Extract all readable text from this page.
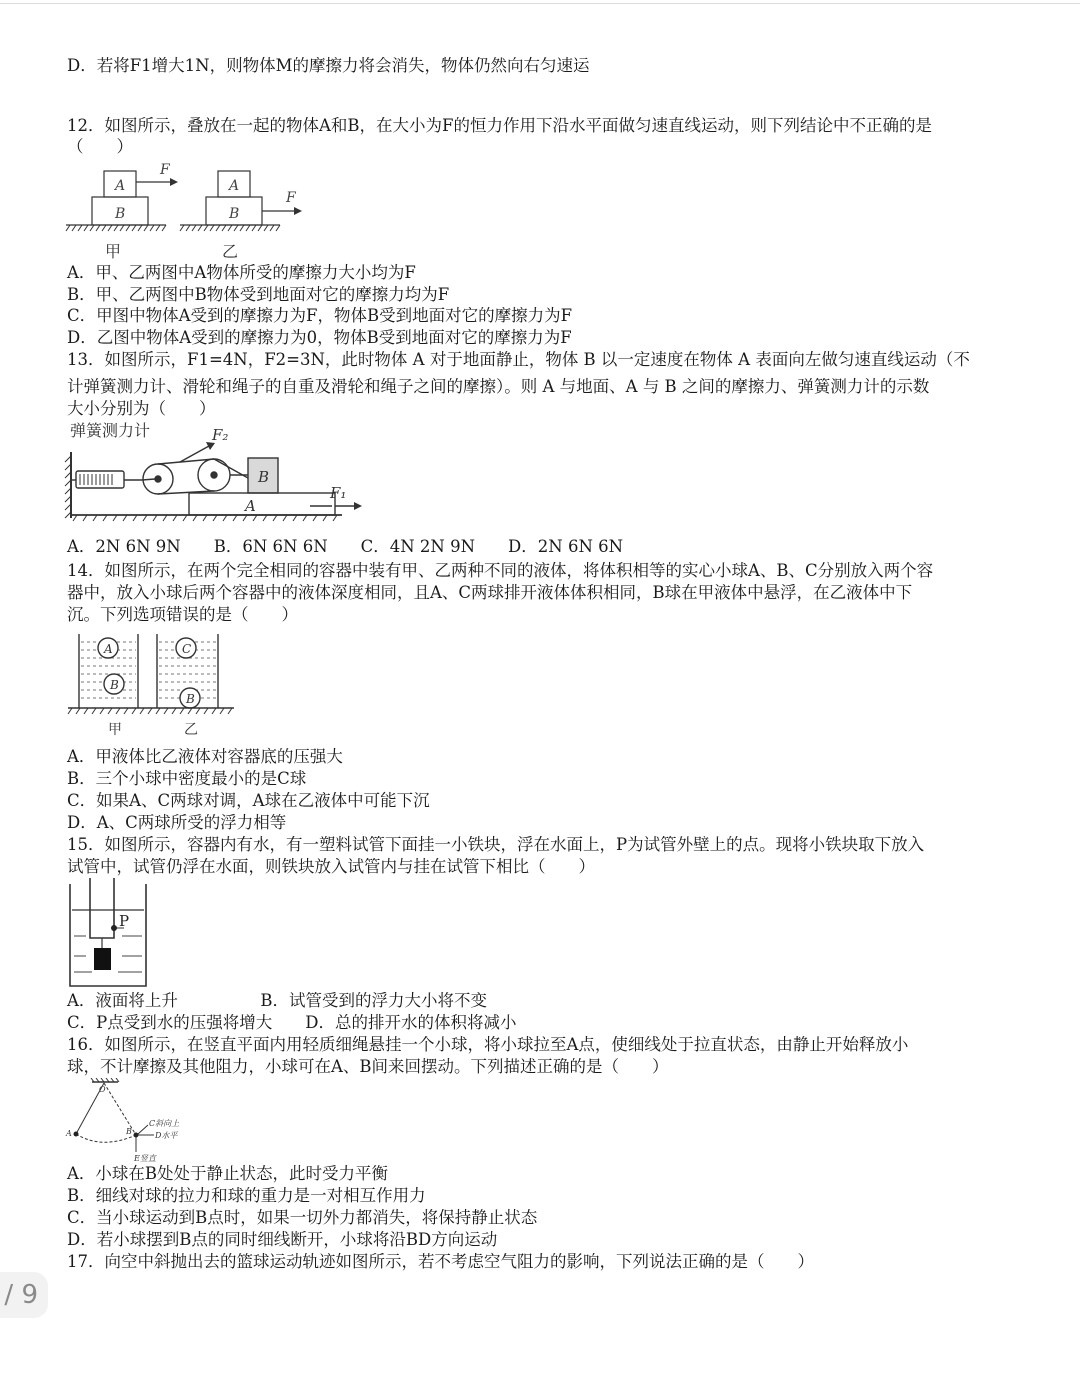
D．若将F1增大1N，则物体M的摩擦力将会消失，物体仍然向右匀速运
12．如图所示，叠放在一起的物体A和B，在大小为F的恒力作用下沿水平面做匀速直线运动，则下列结论中不正确的是
（　　）
A
B
F
A
B
F
甲	乙
A．甲、乙两图中A物体所受的摩擦力大小均为F
B．甲、乙两图中B物体受到地面对它的摩擦力均为F
C．甲图中物体A受到的摩擦力为F，物体B受到地面对它的摩擦力为F
D．乙图中物体A受到的摩擦力为0，物体B受到地面对它的摩擦力为F
13．如图所示，F1=4N，F2=3N，此时物体 A 对于地面静止，物体 B 以一定速度在物体 A 表面向左做匀速直线运动（不
计弹簧测力计、滑轮和绳子的自重及滑轮和绳子之间的摩擦）。则 A 与地面、A 与 B 之间的摩擦力、弹簧测力计的示数
大小分别为（　　）
弹簧测力计	F₂
F₁
B
A
A．2N 6N 9N　　B．6N 6N 6N　　C．4N 2N 9N　　D．2N 6N 6N
14．如图所示，在两个完全相同的容器中装有甲、乙两种不同的液体，将体积相等的实心小球A、B、C分别放入两个容
器中，放入小球后两个容器中的液体深度相同，且A、C两球排开液体体积相同，B球在甲液体中悬浮，在乙液体中下
沉。下列选项错误的是（　　）
A
B
C
B
甲	乙
A．甲液体比乙液体对容器底的压强大
B．三个小球中密度最小的是C球
C．如果A、C两球对调，A球在乙液体中可能下沉
D．A、C两球所受的浮力相等
15．如图所示，容器内有水，有一塑料试管下面挂一小铁块，浮在水面上，P为试管外壁上的点。现将小铁块取下放入
试管中，试管仍浮在水面，则铁块放入试管内与挂在试管下相比（　　）
P
A．液面将上升　　　　　B．试管受到的浮力大小将不变
C．P点受到水的压强将增大　　D．总的排开水的体积将减小
16．如图所示，在竖直平面内用轻质细绳悬挂一个小球，将小球拉至A点，使细线处于拉直状态，由静止开始释放小
球，不计摩擦及其他阻力，小球可在A、B间来回摆动。下列描述正确的是（　　）
O
A	B
C斜向上
D水平
E竖直
A．小球在B处处于静止状态，此时受力平衡
B．细线对球的拉力和球的重力是一对相互作用力
C．当小球运动到B点时，如果一切外力都消失，将保持静止状态
D．若小球摆到B点的同时细线断开，小球将沿BD方向运动
17．向空中斜抛出去的篮球运动轨迹如图所示，若不考虑空气阻力的影响，下列说法正确的是（　　）
/ 9
